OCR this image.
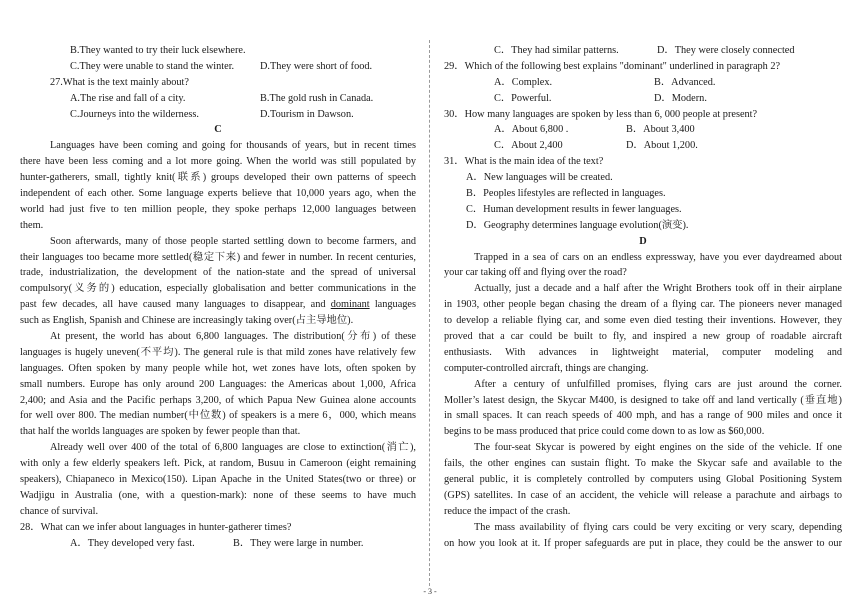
B.They wanted to try their luck elsewhere.
C.They were unable to stand the winter.	D.They were short of food.
27.What is the text mainly about?
A.The rise and fall of a city.	B.The gold rush in Canada.
C.Journeys into the wilderness.	D.Tourism in Dawson.
C
Languages have been coming and going for thousands of years, but in recent times
there have been less coming and a lot more going. When the world was still populated by
hunter-gatherers, small, tightly knit(联系) groups developed their own patterns of speech
independent of each other. Some language experts believe that 10,000 years ago, when the
world had just five to ten million people, they spoke perhaps 12,000 languages between
them.
Soon afterwards, many of those people started settling down to become farmers, and
their languages too became more settled(稳定下来) and fewer in number. In recent centuries,
trade, industrialization, the development of the nation-state and the spread of universal
compulsory(义务的) education, especially globalisation and better communications in the
past few decades, all have caused many languages to disappear, and dominant languages
such as English, Spanish and Chinese are increasingly taking over(占主导地位).
At present, the world has about 6,800 languages. The distribution(分布) of these
languages is hugely uneven(不平均). The general rule is that mild zones have relatively few
languages. Often spoken by many people while hot, wet zones have lots, often spoken by
small numbers. Europe has only around 200 Languages: the Americas about 1,000, Africa
2,400; and Asia and the Pacific perhaps 3,200, of which Papua New Guinea alone accounts
for well over 800. The median number(中位数) of speakers is a mere 6，000, which means
that half the worlds languages are spoken by fewer people than that.
Already well over 400 of the total of 6,800 languages are close to extinction(消亡),
with only a few elderly speakers left. Pick, at random, Busuu in Cameroon (eight remaining
speakers), Chiapaneco in Mexico(150). Lipan Apache in the United States(two or three) or
Wadjigu in Australia (one, with a question-mark): none of these seems to have much
chance of survival.
28．What can we infer about languages in hunter-gatherer times?
A．They developed very fast.	B．They were large in number.
C．They had similar patterns.	D．They were closely connected
29．Which of the following best explains "dominant" underlined in paragraph 2?
A．Complex.	B．Advanced.
C．Powerful.	D．Modern.
30．How many languages are spoken by less than 6, 000 people at present?
A．About 6,800 .	B．About 3,400
C．About 2,400	D．About 1,200.
31．What is the main idea of the text?
A．New languages will be created.
B．Peoples lifestyles are reflected in languages.
C．Human development results in fewer languages.
D．Geography determines language evolution(演变).
D
Trapped in a sea of cars on an endless expressway, have you ever daydreamed about
your car taking off and flying over the road?
Actually, just a decade and a half after the Wright Brothers took off in their airplane
in 1903, other people began chasing the dream of a flying car. The pioneers never managed
to develop a reliable flying car, and some even died testing their inventions. However, they
proved that a car could be built to fly, and inspired a new group of roadable aircraft
enthusiasts. With advances in lightweight material, computer modeling and
computer-controlled aircraft, things are changing.
After a century of unfulfilled promises, flying cars are just around the corner.
Moller’s latest design, the Skycar M400, is designed to take off and land vertically (垂直地)
in small spaces. It can reach speeds of 400 mph, and has a range of 900 miles and once it
begins to be mass produced that price could come down to as low as $60,000.
The four-seat Skycar is powered by eight engines on the side of the vehicle. If one
fails, the other engines can sustain flight. To make the Skycar safe and available to the
general public, it is completely controlled by computers using Global Positioning System
(GPS) satellites. In case of an accident, the vehicle will release a parachute and airbags to
reduce the impact of the crash.
The mass availability of flying cars could be very exciting or very scary, depending
on how you look at it. If proper safeguards are put in place, they could be the answer to our
- 3 -
